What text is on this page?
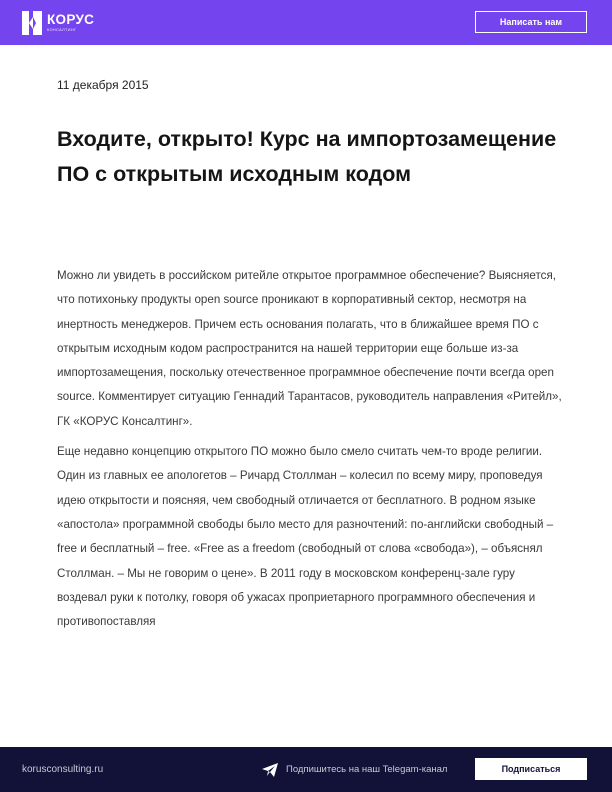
КОРУС
КОНСАЛТИНГ
Написать нам
11 декабря 2015
Входите, открыто! Курс на импортозамещение ПО с открытым исходным кодом

Можно ли увидеть в российском ритейле открытое программное обеспечение? Выясняется, что потихоньку продукты open source проникают в корпоративный сектор, несмотря на инертность менеджеров. Причем есть основания полагать, что в ближайшее время ПО с открытым исходным кодом распространится на нашей территории еще больше из-за импортозамещения, поскольку отечественное программное обеспечение почти всегда open source. Комментирует ситуацию Геннадий Тарантасов, руководитель направления «Ритейл», ГК «КОРУС Консалтинг».

Еще недавно концепцию открытого ПО можно было смело считать чем-то вроде религии. Один из главных ее апологетов – Ричард Столлман – колесил по всему миру, проповедуя идею открытости и поясняя, чем свободный отличается от бесплатного. В родном языке «апостола» программной свободы было место для разночтений: по-английски свободный – free и бесплатный – free. «Free as a freedom (свободный от слова «свобода»), – объяснял Столлман. – Мы не говорим о цене». В 2011 году в московском конференц-зале гуру воздевал руки к потолку, говоря об ужасах проприетарного программного обеспечения и противопоставляя

korusconsulting.ru	Подпишитесь на наш Telegam-канал	Подписаться
